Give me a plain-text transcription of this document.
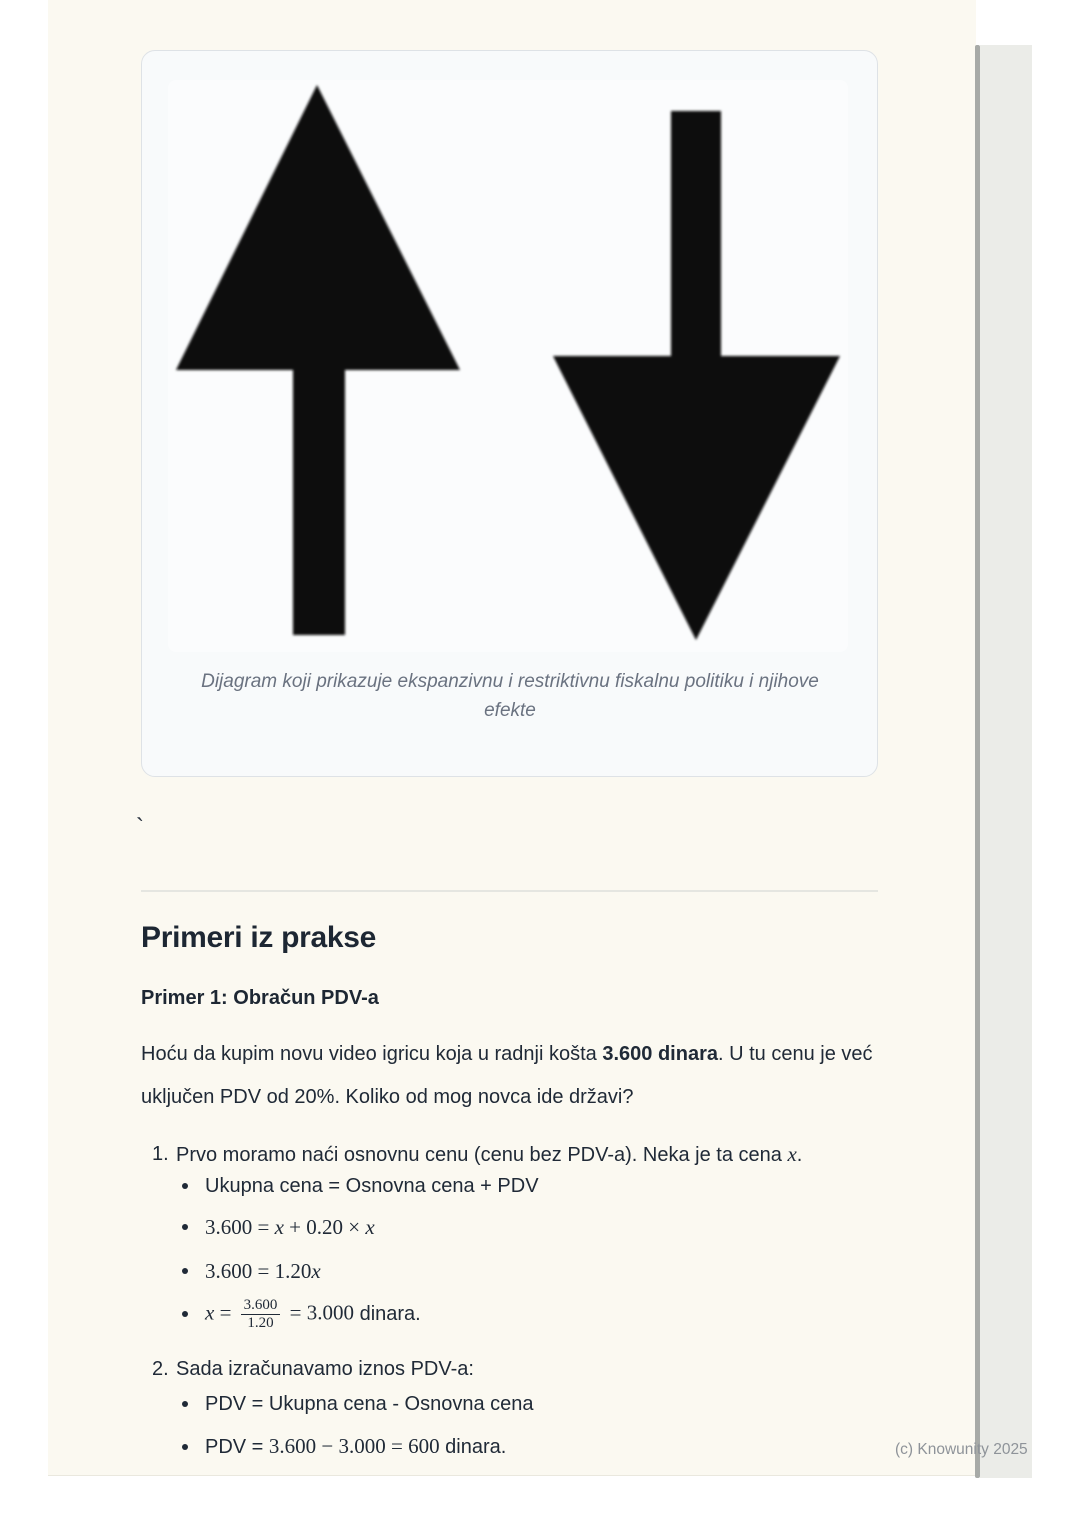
Dijagram koji prikazuje ekspanzivnu i restriktivnu fiskalnu politiku i njihove efekte
`
Primeri iz prakse
Primer 1: Obračun PDV-a

Hoću da kupim novu video igricu koja u radnji košta 3.600 dinara. U tu cenu je već uključen PDV od 20%. Koliko od mog novca ide državi?

1. Prvo moramo naći osnovnu cenu (cenu bez PDV-a). Neka je ta cena x.
Ukupna cena = Osnovna cena + PDV
3.600 = x + 0.20 × x
3.600 = 1.20x
$x = \frac{3.600}{1.20} = 3.000$ dinara.
2. Sada izračunavamo iznos PDV-a:
PDV = Ukupna cena - Osnovna cena
PDV = 3.600 − 3.000 = 600 dinara.	(c) Knowunity 2025
